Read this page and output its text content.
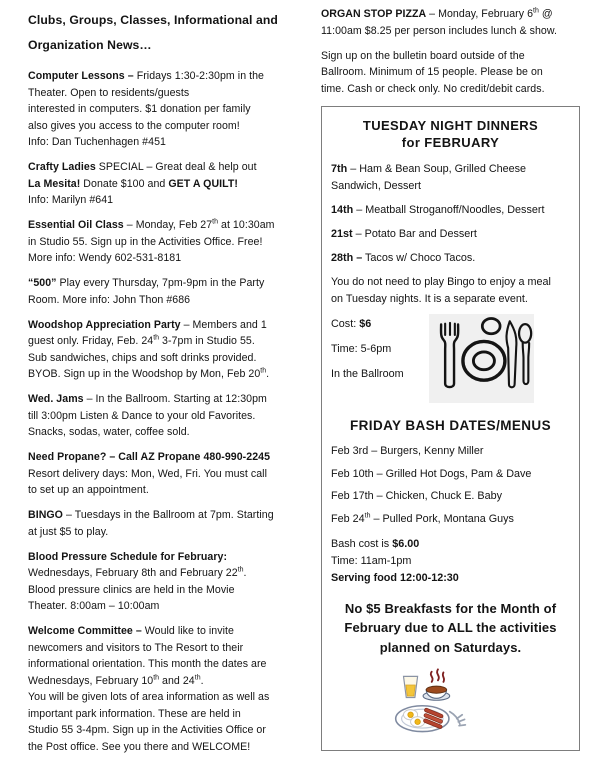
Clubs, Groups, Classes, Informational and
Organization News…

Computer Lessons – Fridays 1:30-2:30pm in the
Theater. Open to residents/guests
interested in computers. $1 donation per family
also gives you access to the computer room!
Info: Dan Tuchenhagen #451

Crafty Ladies SPECIAL – Great deal & help out
La Mesita! Donate $100 and GET A QUILT!
Info: Marilyn #641

Essential Oil Class – Monday, Feb 27th at 10:30am
in Studio 55. Sign up in the Activities Office. Free!
More info: Wendy 602-531-8181

“500” Play every Thursday, 7pm-9pm in the Party
Room. More info: John Thon #686

Woodshop Appreciation Party – Members and 1
guest only. Friday, Feb. 24th 3-7pm in Studio 55.
Sub sandwiches, chips and soft drinks provided.
BYOB. Sign up in the Woodshop by Mon, Feb 20th.

Wed. Jams – In the Ballroom. Starting at 12:30pm
till 3:00pm Listen & Dance to your old Favorites.
Snacks, sodas, water, coffee sold.

Need Propane? – Call AZ Propane 480-990-2245
Resort delivery days: Mon, Wed, Fri. You must call
to set up an appointment.

BINGO – Tuesdays in the Ballroom at 7pm. Starting
at just $5 to play.

Blood Pressure Schedule for February:
Wednesdays, February 8th and February 22th.
Blood pressure clinics are held in the Movie
Theater. 8:00am – 10:00am

Welcome Committee – Would like to invite
newcomers and visitors to The Resort to their
informational orientation. This month the dates are
Wednesdays, February 10th and 24th.
You will be given lots of area information as well as
important park information. These are held in
Studio 55 3-4pm. Sign up in the Activities Office or
the Post office. See you there and WELCOME!

ORGAN STOP PIZZA – Monday, February 6th @
11:00am $8.25 per person includes lunch & show.

Sign up on the bulletin board outside of the
Ballroom. Minimum of 15 people. Please be on
time. Cash or check only. No credit/debit cards.

TUESDAY NIGHT DINNERS
for FEBRUARY

7th – Ham & Bean Soup, Grilled Cheese
Sandwich, Dessert

14th – Meatball Stroganoff/Noodles, Dessert

21st – Potato Bar and Dessert

28th – Tacos w/ Choco Tacos.

You do not need to play Bingo to enjoy a meal
on Tuesday nights. It is a separate event.

Cost: $6

Time: 5-6pm

In the Ballroom

FRIDAY BASH DATES/MENUS

Feb 3rd – Burgers, Kenny Miller

Feb 10th – Grilled Hot Dogs, Pam & Dave

Feb 17th – Chicken, Chuck E. Baby

Feb 24th – Pulled Pork, Montana Guys

Bash cost is $6.00

Time: 11am-1pm

Serving food 12:00-12:30

No $5 Breakfasts for the Month of
February due to ALL the activities
planned on Saturdays.
